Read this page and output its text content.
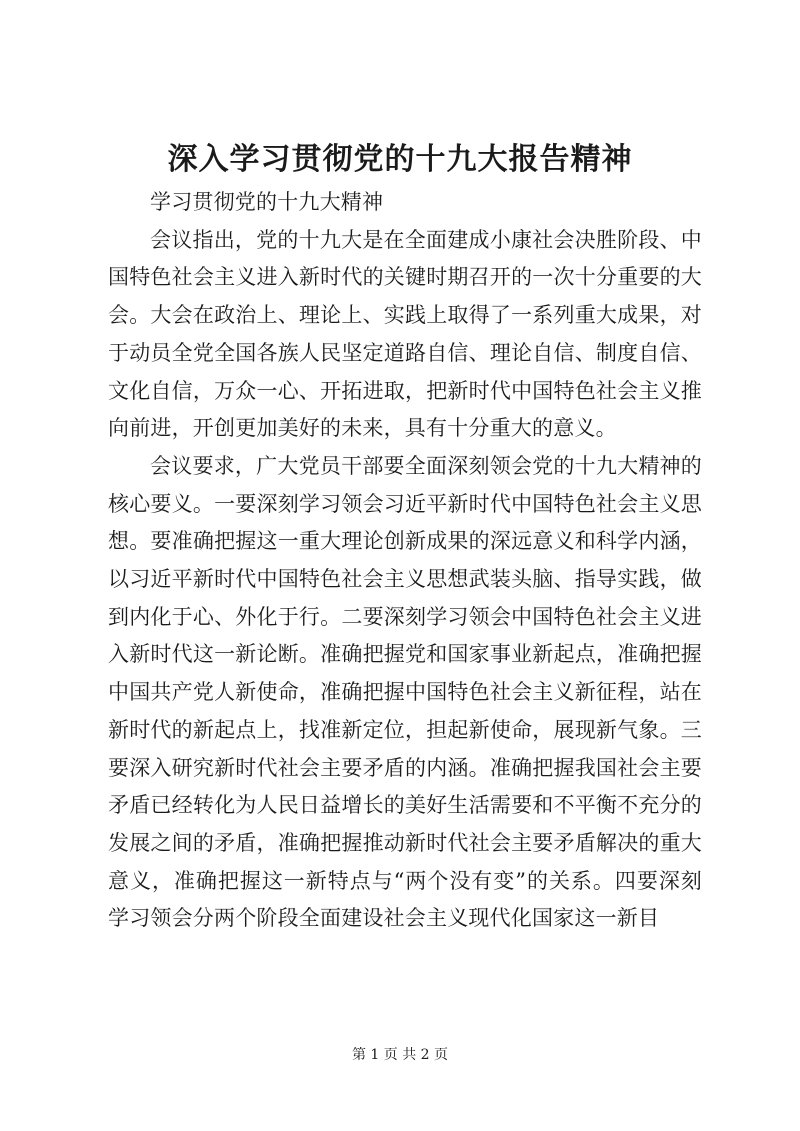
深入学习贯彻党的十九大报告精神

学习贯彻党的十九大精神

会议指出，党的十九大是在全面建成小康社会决胜阶段、中国特色社会主义进入新时代的关键时期召开的一次十分重要的大会。大会在政治上、理论上、实践上取得了一系列重大成果，对于动员全党全国各族人民坚定道路自信、理论自信、制度自信、文化自信，万众一心、开拓进取，把新时代中国特色社会主义推向前进，开创更加美好的未来，具有十分重大的意义。

会议要求，广大党员干部要全面深刻领会党的十九大精神的核心要义。一要深刻学习领会习近平新时代中国特色社会主义思想。要准确把握这一重大理论创新成果的深远意义和科学内涵，以习近平新时代中国特色社会主义思想武装头脑、指导实践，做到内化于心、外化于行。二要深刻学习领会中国特色社会主义进入新时代这一新论断。准确把握党和国家事业新起点，准确把握中国共产党人新使命，准确把握中国特色社会主义新征程，站在新时代的新起点上，找准新定位，担起新使命，展现新气象。三要深入研究新时代社会主要矛盾的内涵。准确把握我国社会主要矛盾已经转化为人民日益增长的美好生活需要和不平衡不充分的发展之间的矛盾，准确把握推动新时代社会主要矛盾解决的重大意义，准确把握这一新特点与“两个没有变”的关系。四要深刻学习领会分两个阶段全面建设社会主义现代化国家这一新目

第 1 页 共 2 页
